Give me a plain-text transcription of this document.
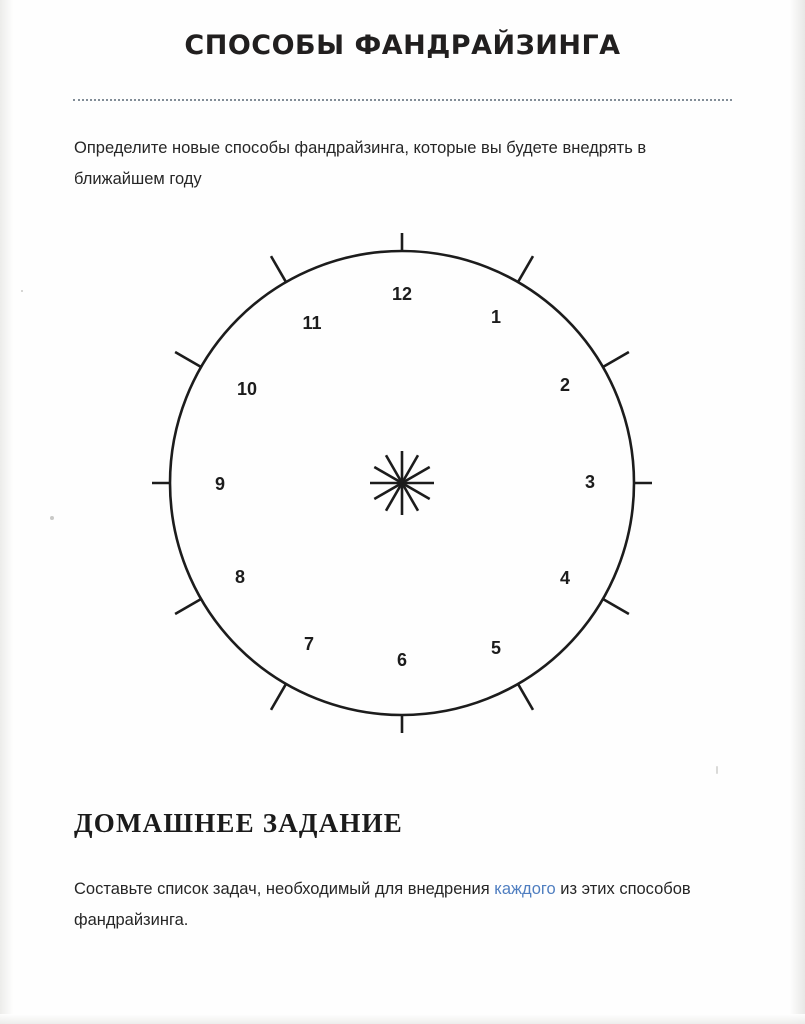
СПОСОБЫ ФАНДРАЙЗИНГА
Определите новые способы фандрайзинга, которые вы будете внедрять в ближайшем году
12
1
2
3
4
5
6
7
8
9
10
11
ДОМАШНЕЕ ЗАДАНИЕ
Составьте список задач, необходимый для внедрения каждого из этих способов фандрайзинга.
